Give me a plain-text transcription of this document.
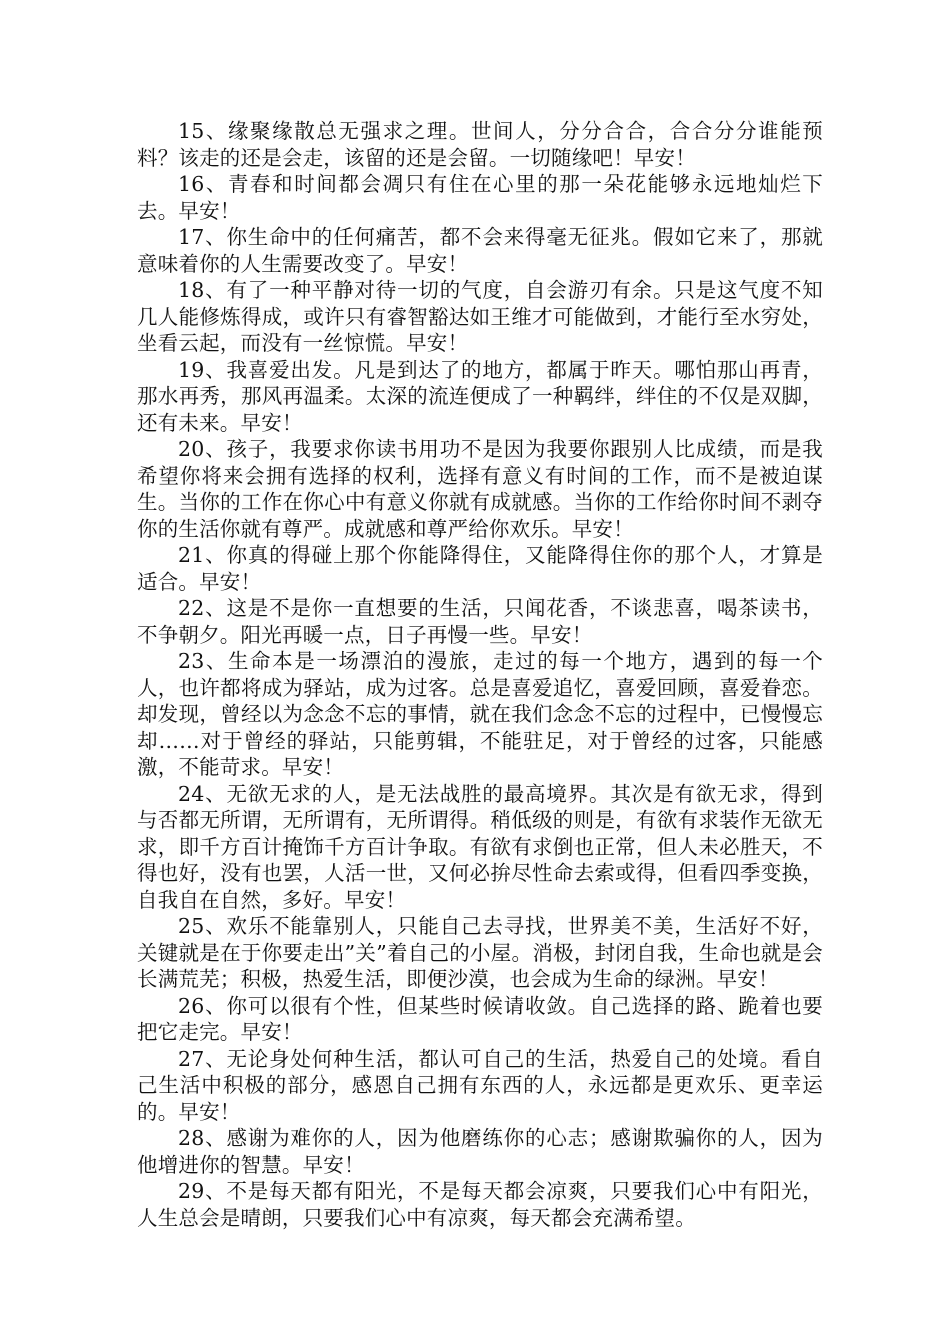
15、缘聚缘散总无强求之理。世间人，分分合合，合合分分谁能预料？该走的还是会走，该留的还是会留。一切随缘吧！早安！

16、青春和时间都会凋只有住在心里的那一朵花能够永远地灿烂下去。早安！

17、你生命中的任何痛苦，都不会来得毫无征兆。假如它来了，那就意味着你的人生需要改变了。早安！

18、有了一种平静对待一切的气度，自会游刃有余。只是这气度不知几人能修炼得成，或许只有睿智豁达如王维才可能做到，才能行至水穷处，坐看云起，而没有一丝惊慌。早安！

19、我喜爱出发。凡是到达了的地方，都属于昨天。哪怕那山再青，那水再秀，那风再温柔。太深的流连便成了一种羁绊，绊住的不仅是双脚，还有未来。早安！

20、孩子，我要求你读书用功不是因为我要你跟别人比成绩，而是我希望你将来会拥有选择的权利，选择有意义有时间的工作，而不是被迫谋生。当你的工作在你心中有意义你就有成就感。当你的工作给你时间不剥夺你的生活你就有尊严。成就感和尊严给你欢乐。早安！

21、你真的得碰上那个你能降得住，又能降得住你的那个人，才算是适合。早安！

22、这是不是你一直想要的生活，只闻花香，不谈悲喜，喝茶读书，不争朝夕。阳光再暖一点，日子再慢一些。早安！

23、生命本是一场漂泊的漫旅，走过的每一个地方，遇到的每一个人，也许都将成为驿站，成为过客。总是喜爱追忆，喜爱回顾，喜爱眷恋。却发现，曾经以为念念不忘的事情，就在我们念念不忘的过程中，已慢慢忘却……对于曾经的驿站，只能剪辑，不能驻足，对于曾经的过客，只能感激，不能苛求。早安！

24、无欲无求的人，是无法战胜的最高境界。其次是有欲无求，得到与否都无所谓，无所谓有，无所谓得。稍低级的则是，有欲有求装作无欲无求，即千方百计掩饰千方百计争取。有欲有求倒也正常，但人未必胜天，不得也好，没有也罢，人活一世，又何必拚尽性命去索或得，但看四季变换，自我自在自然，多好。早安！

25、欢乐不能靠别人，只能自己去寻找，世界美不美，生活好不好，关键就是在于你要走出”关”着自己的小屋。消极，封闭自我，生命也就是会长满荒芜；积极，热爱生活，即便沙漠，也会成为生命的绿洲。早安！

26、你可以很有个性，但某些时候请收敛。自己选择的路、跪着也要把它走完。早安！

27、无论身处何种生活，都认可自己的生活，热爱自己的处境。看自己生活中积极的部分，感恩自己拥有东西的人，永远都是更欢乐、更幸运的。早安！

28、感谢为难你的人，因为他磨练你的心志；感谢欺骗你的人，因为他增进你的智慧。早安！

29、不是每天都有阳光，不是每天都会凉爽，只要我们心中有阳光，人生总会是晴朗，只要我们心中有凉爽，每天都会充满希望。
